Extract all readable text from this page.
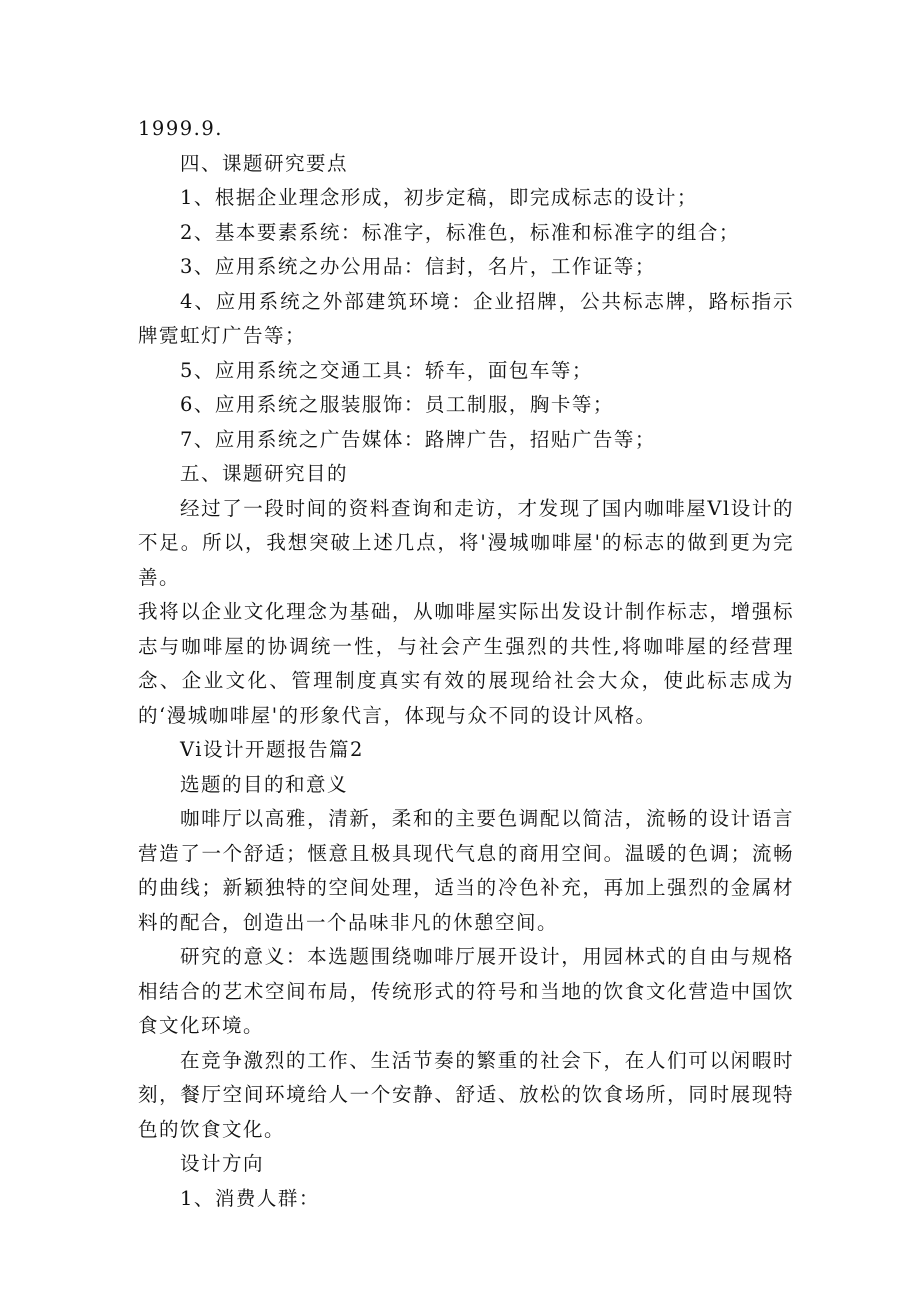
1999.9.

四、课题研究要点

1、根据企业理念形成，初步定稿，即完成标志的设计；

2、基本要素系统：标准字，标准色，标准和标准字的组合；

3、应用系统之办公用品：信封，名片，工作证等；

4、应用系统之外部建筑环境：企业招牌，公共标志牌，路标指示牌霓虹灯广告等；

5、应用系统之交通工具：轿车，面包车等；

6、应用系统之服装服饰：员工制服，胸卡等；

7、应用系统之广告媒体：路牌广告，招贴广告等；

五、课题研究目的

经过了一段时间的资料查询和走访，才发现了国内咖啡屋Vl设计的不足。所以，我想突破上述几点，将'漫城咖啡屋'的标志的做到更为完善。

我将以企业文化理念为基础，从咖啡屋实际出发设计制作标志，增强标志与咖啡屋的协调统一性，与社会产生强烈的共性,将咖啡屋的经营理念、企业文化、管理制度真实有效的展现给社会大众，使此标志成为的‘漫城咖啡屋'的形象代言，体现与众不同的设计风格。

Vi设计开题报告篇2

选题的目的和意义

咖啡厅以高雅，清新，柔和的主要色调配以简洁，流畅的设计语言营造了一个舒适；惬意且极具现代气息的商用空间。温暖的色调；流畅的曲线；新颖独特的空间处理，适当的冷色补充，再加上强烈的金属材料的配合，创造出一个品味非凡的休憩空间。

研究的意义：本选题围绕咖啡厅展开设计，用园林式的自由与规格相结合的艺术空间布局，传统形式的符号和当地的饮食文化营造中国饮食文化环境。

在竞争激烈的工作、生活节奏的繁重的社会下，在人们可以闲暇时刻，餐厅空间环境给人一个安静、舒适、放松的饮食场所，同时展现特色的饮食文化。

设计方向

1、消费人群：
